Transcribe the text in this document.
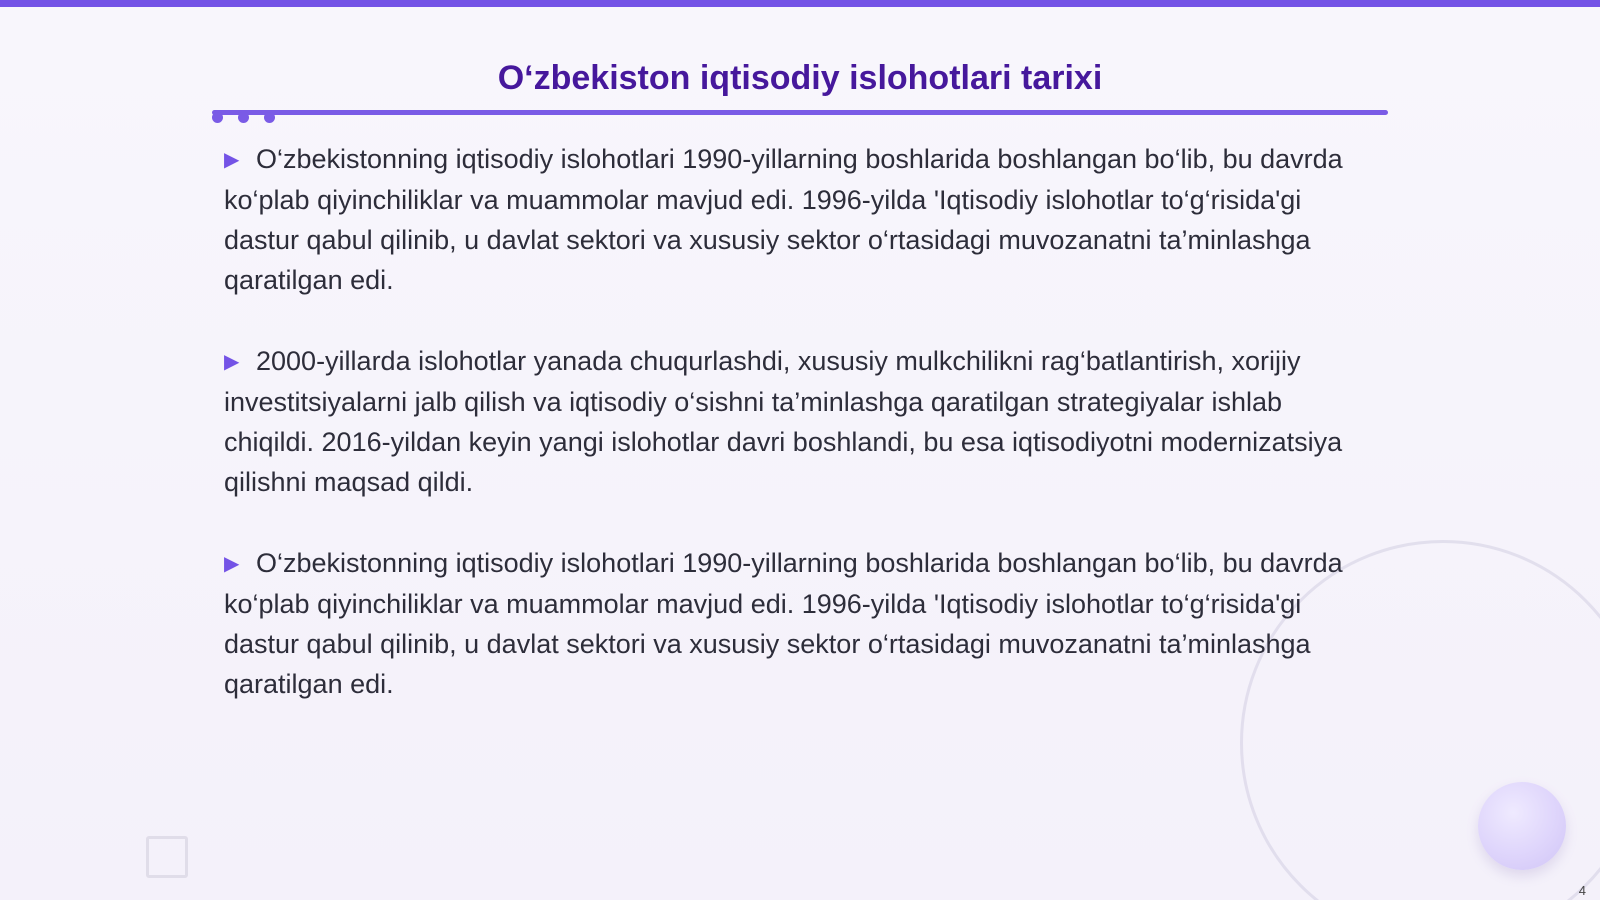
O‘zbekiston iqtisodiy islohotlari tarixi

▶ O‘zbekistonning iqtisodiy islohotlari 1990-yillarning boshlarida boshlangan bo‘lib, bu davrda ko‘plab qiyinchiliklar va muammolar mavjud edi. 1996-yilda 'Iqtisodiy islohotlar to‘g‘risida'gi dastur qabul qilinib, u davlat sektori va xususiy sektor o‘rtasidagi muvozanatni ta’minlashga qaratilgan edi.

▶ 2000-yillarda islohotlar yanada chuqurlashdi, xususiy mulkchilikni rag‘batlantirish, xorijiy investitsiyalarni jalb qilish va iqtisodiy o‘sishni ta’minlashga qaratilgan strategiyalar ishlab chiqildi. 2016-yildan keyin yangi islohotlar davri boshlandi, bu esa iqtisodiyotni modernizatsiya qilishni maqsad qildi.

▶ O‘zbekistonning iqtisodiy islohotlari 1990-yillarning boshlarida boshlangan bo‘lib, bu davrda ko‘plab qiyinchiliklar va muammolar mavjud edi. 1996-yilda 'Iqtisodiy islohotlar to‘g‘risida'gi dastur qabul qilinib, u davlat sektori va xususiy sektor o‘rtasidagi muvozanatni ta’minlashga qaratilgan edi.

4
